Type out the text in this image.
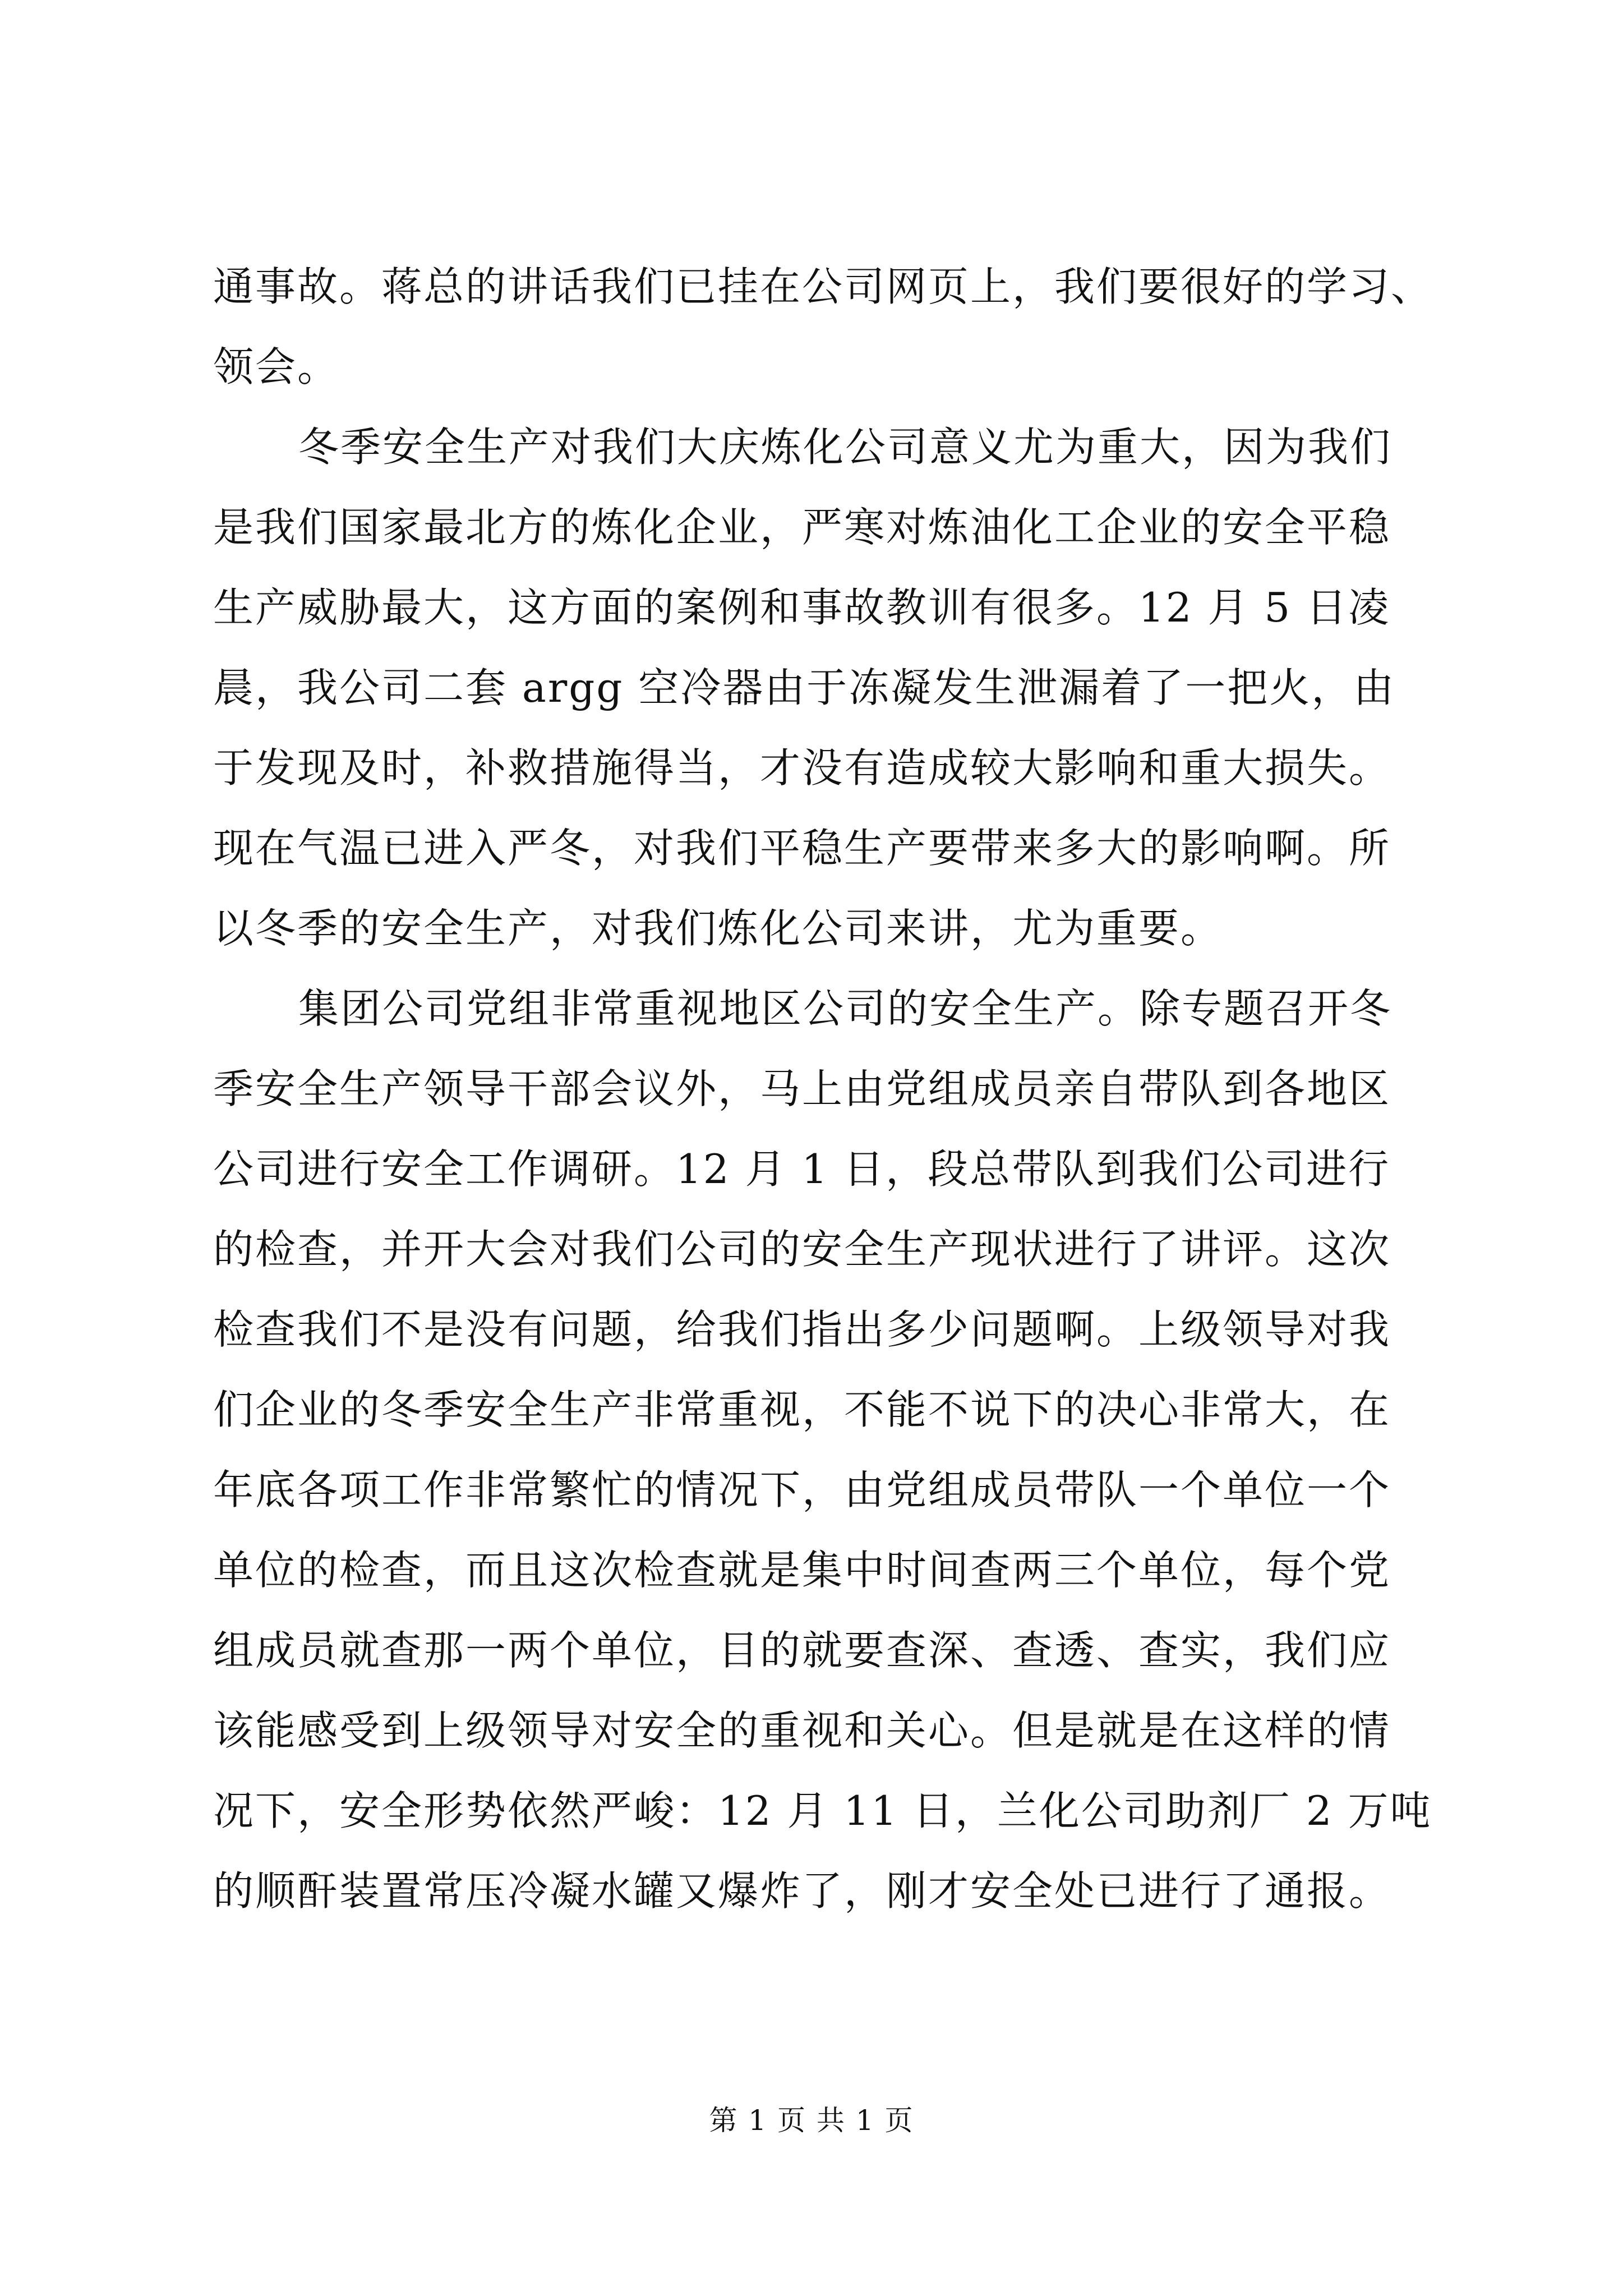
通事故。蒋总的讲话我们已挂在公司网页上，我们要很好的学习、
领会。
冬季安全生产对我们大庆炼化公司意义尤为重大，因为我们
是我们国家最北方的炼化企业，严寒对炼油化工企业的安全平稳
生产威胁最大，这方面的案例和事故教训有很多。12 月 5 日凌
晨，我公司二套 argg 空冷器由于冻凝发生泄漏着了一把火，由
于发现及时，补救措施得当，才没有造成较大影响和重大损失。
现在气温已进入严冬，对我们平稳生产要带来多大的影响啊。所
以冬季的安全生产，对我们炼化公司来讲，尤为重要。
集团公司党组非常重视地区公司的安全生产。除专题召开冬
季安全生产领导干部会议外，马上由党组成员亲自带队到各地区
公司进行安全工作调研。12 月 1 日，段总带队到我们公司进行
的检查，并开大会对我们公司的安全生产现状进行了讲评。这次
检查我们不是没有问题，给我们指出多少问题啊。上级领导对我
们企业的冬季安全生产非常重视，不能不说下的决心非常大，在
年底各项工作非常繁忙的情况下，由党组成员带队一个单位一个
单位的检查，而且这次检查就是集中时间查两三个单位，每个党
组成员就查那一两个单位，目的就要查深、查透、查实，我们应
该能感受到上级领导对安全的重视和关心。但是就是在这样的情
况下，安全形势依然严峻：12 月 11 日，兰化公司助剂厂 2 万吨
的顺酐装置常压冷凝水罐又爆炸了，刚才安全处已进行了通报。
第 1 页 共 1 页
